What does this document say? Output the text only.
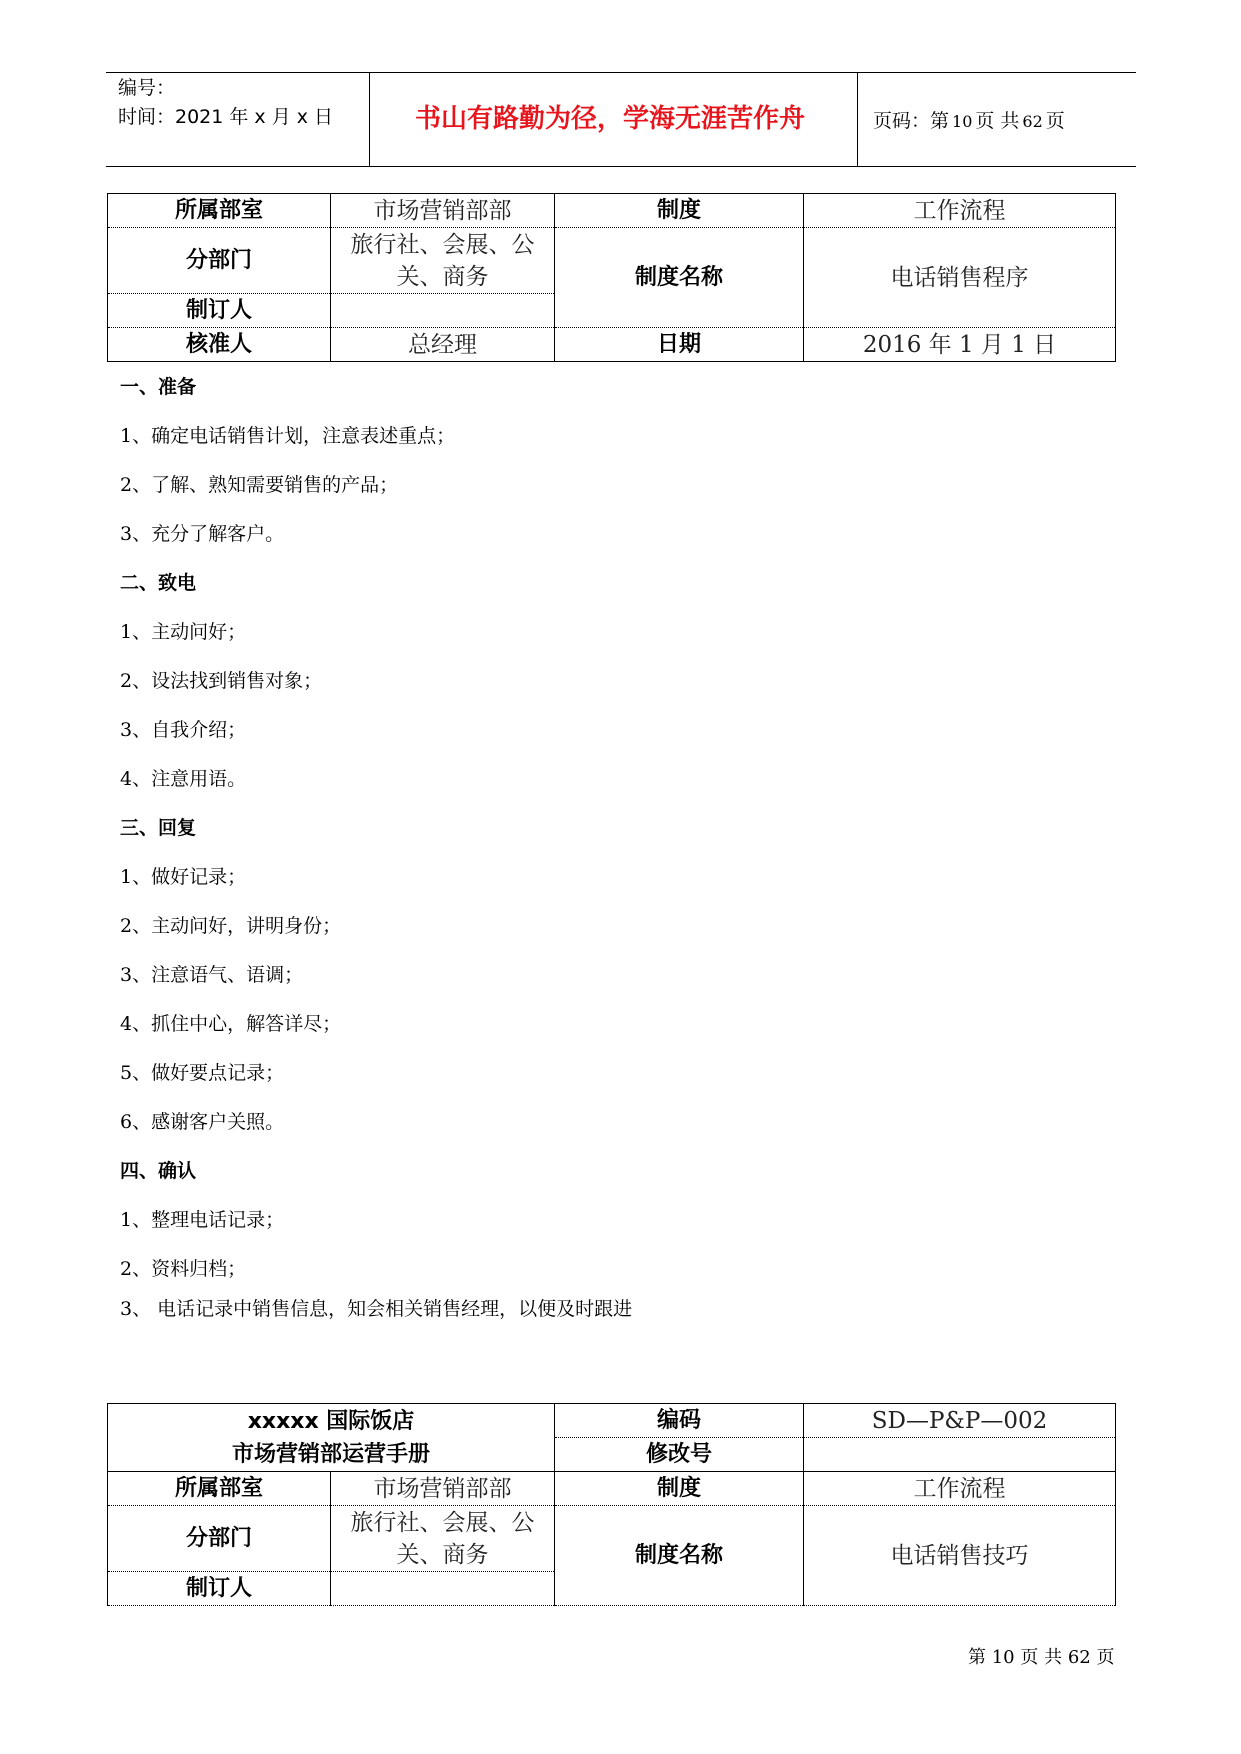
编号：
时间：2021 年 x 月 x 日	书山有路勤为径，学海无涯苦作舟	页码：第 10 页 共 62 页
所属部室	市场营销部部	制度	工作流程
分部门	旅行社、会展、公关、商务	制度名称	电话销售程序
制订人			
核准人	总经理	日期	2016 年 1 月 1 日
一、准备
1、确定电话销售计划，注意表述重点；
2、了解、熟知需要销售的产品；
3、充分了解客户。
二、致电
1、主动问好；
2、设法找到销售对象；
3、自我介绍；
4、注意用语。
三、回复
1、做好记录；
2、主动问好，讲明身份；
3、注意语气、语调；
4、抓住中心，解答详尽；
5、做好要点记录；
6、感谢客户关照。
四、确认
1、整理电话记录；
2、资料归档；
3、 电话记录中销售信息，知会相关销售经理，以便及时跟进
xxxxx 国际饭店
市场营销部运营手册		编码	SD—P&P—002
		修改号	
所属部室	市场营销部部	制度	工作流程
分部门	旅行社、会展、公关、商务	制度名称	电话销售技巧
制订人			
第 10 页 共 62 页
